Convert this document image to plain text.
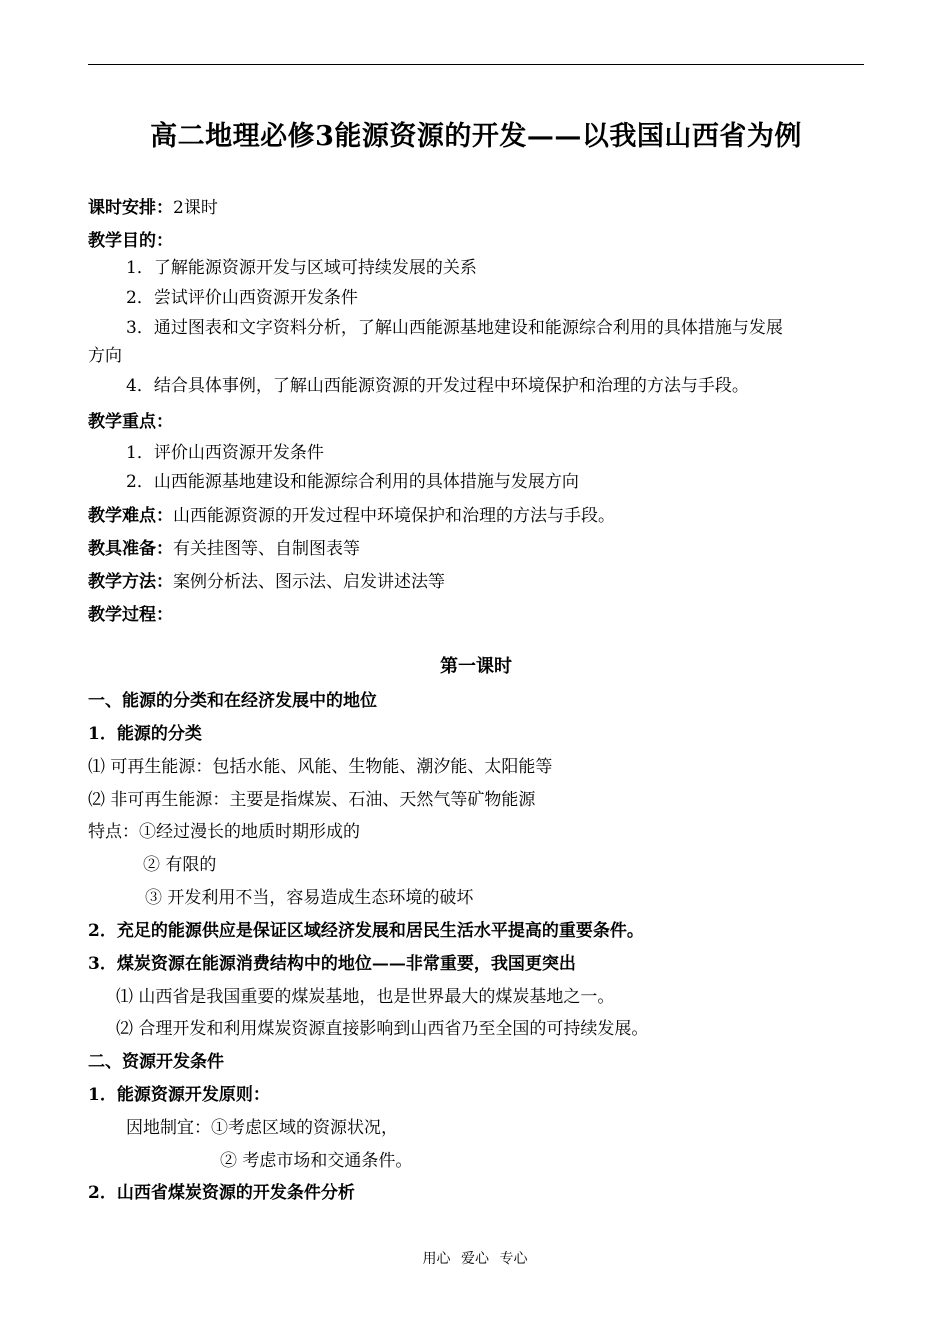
高二地理必修3能源资源的开发——以我国山西省为例
课时安排：2课时
教学目的：
1．了解能源资源开发与区域可持续发展的关系
2．尝试评价山西资源开发条件
3．通过图表和文字资料分析，了解山西能源基地建设和能源综合利用的具体措施与发展
方向
4．结合具体事例，了解山西能源资源的开发过程中环境保护和治理的方法与手段。
教学重点：
1．评价山西资源开发条件
2．山西能源基地建设和能源综合利用的具体措施与发展方向
教学难点：山西能源资源的开发过程中环境保护和治理的方法与手段。
教具准备：有关挂图等、自制图表等
教学方法：案例分析法、图示法、启发讲述法等
教学过程：
第一课时
一、能源的分类和在经济发展中的地位
1．能源的分类
⑴ 可再生能源：包括水能、风能、生物能、潮汐能、太阳能等
⑵ 非可再生能源：主要是指煤炭、石油、天然气等矿物能源
特点：①经过漫长的地质时期形成的
② 有限的
③ 开发利用不当，容易造成生态环境的破坏
2．充足的能源供应是保证区域经济发展和居民生活水平提高的重要条件。
3．煤炭资源在能源消费结构中的地位——非常重要，我国更突出
⑴ 山西省是我国重要的煤炭基地，也是世界最大的煤炭基地之一。
⑵ 合理开发和利用煤炭资源直接影响到山西省乃至全国的可持续发展。
二、资源开发条件
1．能源资源开发原则：
因地制宜：①考虑区域的资源状况，
② 考虑市场和交通条件。
2．山西省煤炭资源的开发条件分析
用心 爱心 专心
